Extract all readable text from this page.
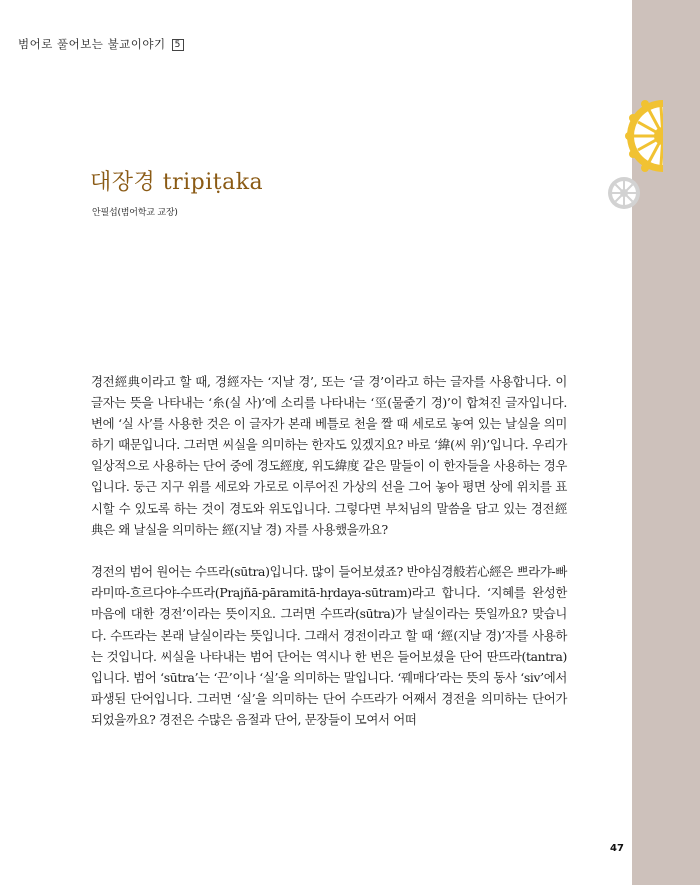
범어로 풀어보는 불교이야기 5
대장경 tripiṭaka
안필섭(범어학교 교장)

경전經典이라고 할 때, 경經자는 ‘지날 경’, 또는 ‘글 경’이라고 하는 글자를 사용합니다. 이 글자는 뜻을 나타내는 ‘糸(실 사)’에 소리를 나타내는 ‘巠(물줄기 경)’이 합쳐진 글자입니다. 변에 ‘실 사’를 사용한 것은 이 글자가 본래 베틀로 천을 짤 때 세로로 놓여 있는 날실을 의미하기 때문입니다. 그러면 씨실을 의미하는 한자도 있겠지요? 바로 ‘緯(씨 위)’입니다. 우리가 일상적으로 사용하는 단어 중에 경도經度, 위도緯度 같은 말들이 이 한자들을 사용하는 경우입니다. 둥근 지구 위를 세로와 가로로 이루어진 가상의 선을 그어 놓아 평면 상에 위치를 표시할 수 있도록 하는 것이 경도와 위도입니다. 그렇다면 부처님의 말씀을 담고 있는 경전經典은 왜 날실을 의미하는 經(지날 경) 자를 사용했을까요?

경전의 범어 원어는 수뜨라(sūtra)입니다. 많이 들어보셨죠? 반야심경般若心經은 쁘라갸-빠라미따-흐르다야-수뜨라(Prajñā-pāramitā-hṛdaya-sūtram)라고 합니다. ‘지혜를 완성한 마음에 대한 경전’이라는 뜻이지요. 그러면 수뜨라(sūtra)가 날실이라는 뜻일까요? 맞습니다. 수뜨라는 본래 날실이라는 뜻입니다. 그래서 경전이라고 할 때 ‘經(지날 경)’자를 사용하는 것입니다. 씨실을 나타내는 범어 단어는 역시나 한 번은 들어보셨을 단어 딴뜨라(tantra)입니다. 범어 ‘sūtra’는 ‘끈’이나 ‘실’을 의미하는 말입니다. ‘꿰매다’라는 뜻의 동사 ‘siv’에서 파생된 단어입니다. 그러면 ‘실’을 의미하는 단어 수뜨라가 어째서 경전을 의미하는 단어가 되었을까요? 경전은 수많은 음절과 단어, 문장들이 모여서 어떠

47
